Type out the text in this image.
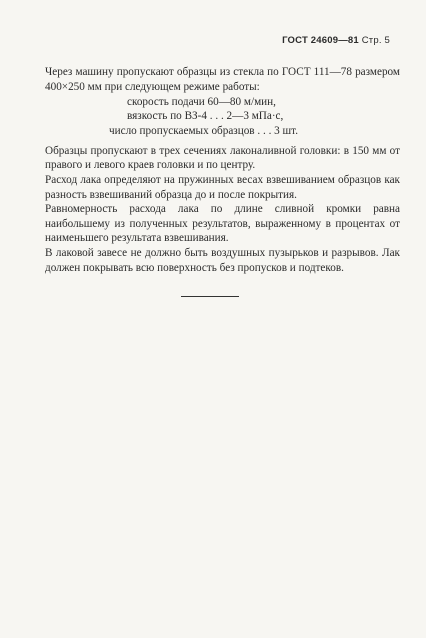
ГОСТ 24609—81 Стр. 5

Через машину пропускают образцы из стекла по ГОСТ 111—78 размером 400×250 мм при следующем режиме работы:

скорость подачи 60—80 м/мин,
вязкость по ВЗ-4 . . . 2—3 мПа·с,
число пропускаемых образцов . . . 3 шт.

Образцы пропускают в трех сечениях лаконаливной головки: в 150 мм от правого и левого краев головки и по центру.

Расход лака определяют на пружинных весах взвешиванием образцов как разность взвешиваний образца до и после покрытия.

Равномерность расхода лака по длине сливной кромки равна наибольшему из полученных результатов, выраженному в процентах от наименьшего результата взвешивания.

В лаковой завесе не должно быть воздушных пузырьков и разрывов. Лак должен покрывать всю поверхность без пропусков и подтеков.
